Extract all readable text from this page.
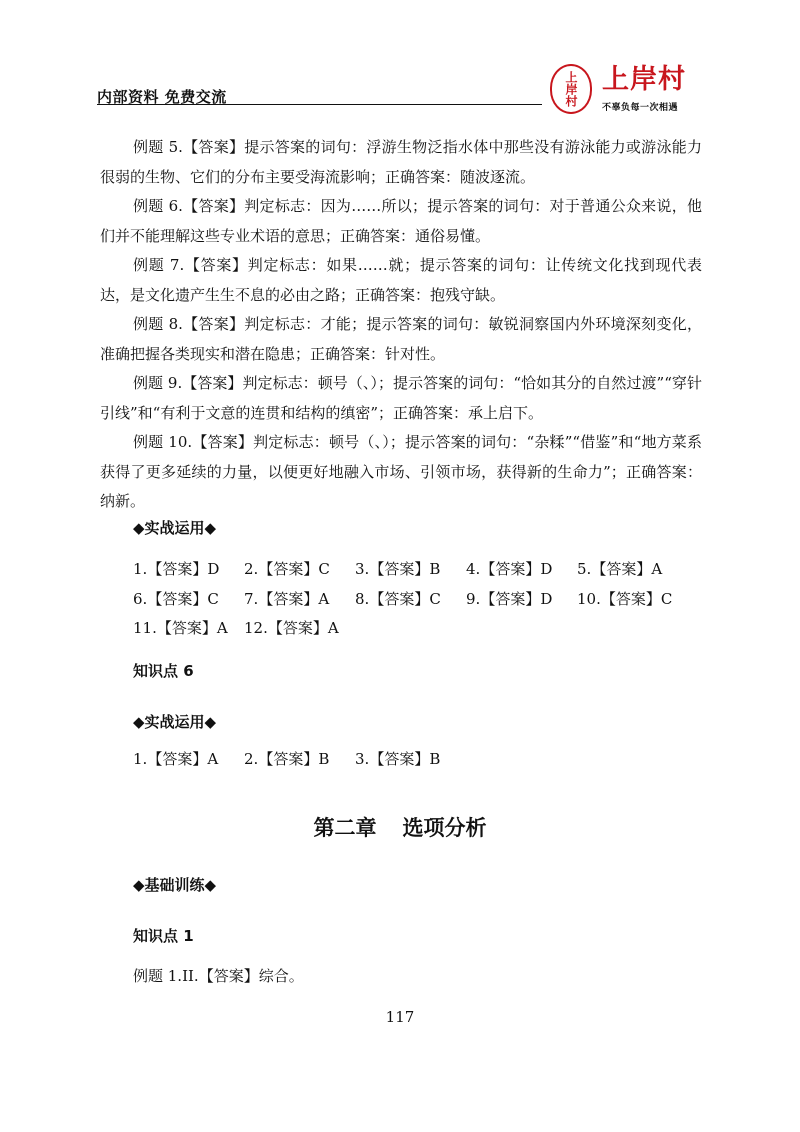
内部资料 免费交流	上岸村 上岸村
不辜负每一次相遇

例题 5.【答案】提示答案的词句：浮游生物泛指水体中那些没有游泳能力或游泳能力很弱的生物、它们的分布主要受海流影响；正确答案：随波逐流。

例题 6.【答案】判定标志：因为……所以；提示答案的词句：对于普通公众来说，他们并不能理解这些专业术语的意思；正确答案：通俗易懂。

例题 7.【答案】判定标志：如果……就；提示答案的词句：让传统文化找到现代表达，是文化遗产生生不息的必由之路；正确答案：抱残守缺。

例题 8.【答案】判定标志：才能；提示答案的词句：敏锐洞察国内外环境深刻变化，准确把握各类现实和潜在隐患；正确答案：针对性。

例题 9.【答案】判定标志：顿号（、）；提示答案的词句：“恰如其分的自然过渡”“穿针引线”和“有利于文意的连贯和结构的缜密”；正确答案：承上启下。

例题 10.【答案】判定标志：顿号（、）；提示答案的词句：“杂糅”“借鉴”和“地方菜系获得了更多延续的力量，以便更好地融入市场、引领市场，获得新的生命力”；正确答案：纳新。

◆实战运用◆
1.【答案】D 2.【答案】C 3.【答案】B 4.【答案】D 5.【答案】A
6.【答案】C 7.【答案】A 8.【答案】C 9.【答案】D 10.【答案】C
11.【答案】A 12.【答案】A
知识点 6
◆实战运用◆
1.【答案】A 2.【答案】B 3.【答案】B
第二章 选项分析
◆基础训练◆
知识点 1
例题 1.II.【答案】综合。
117
